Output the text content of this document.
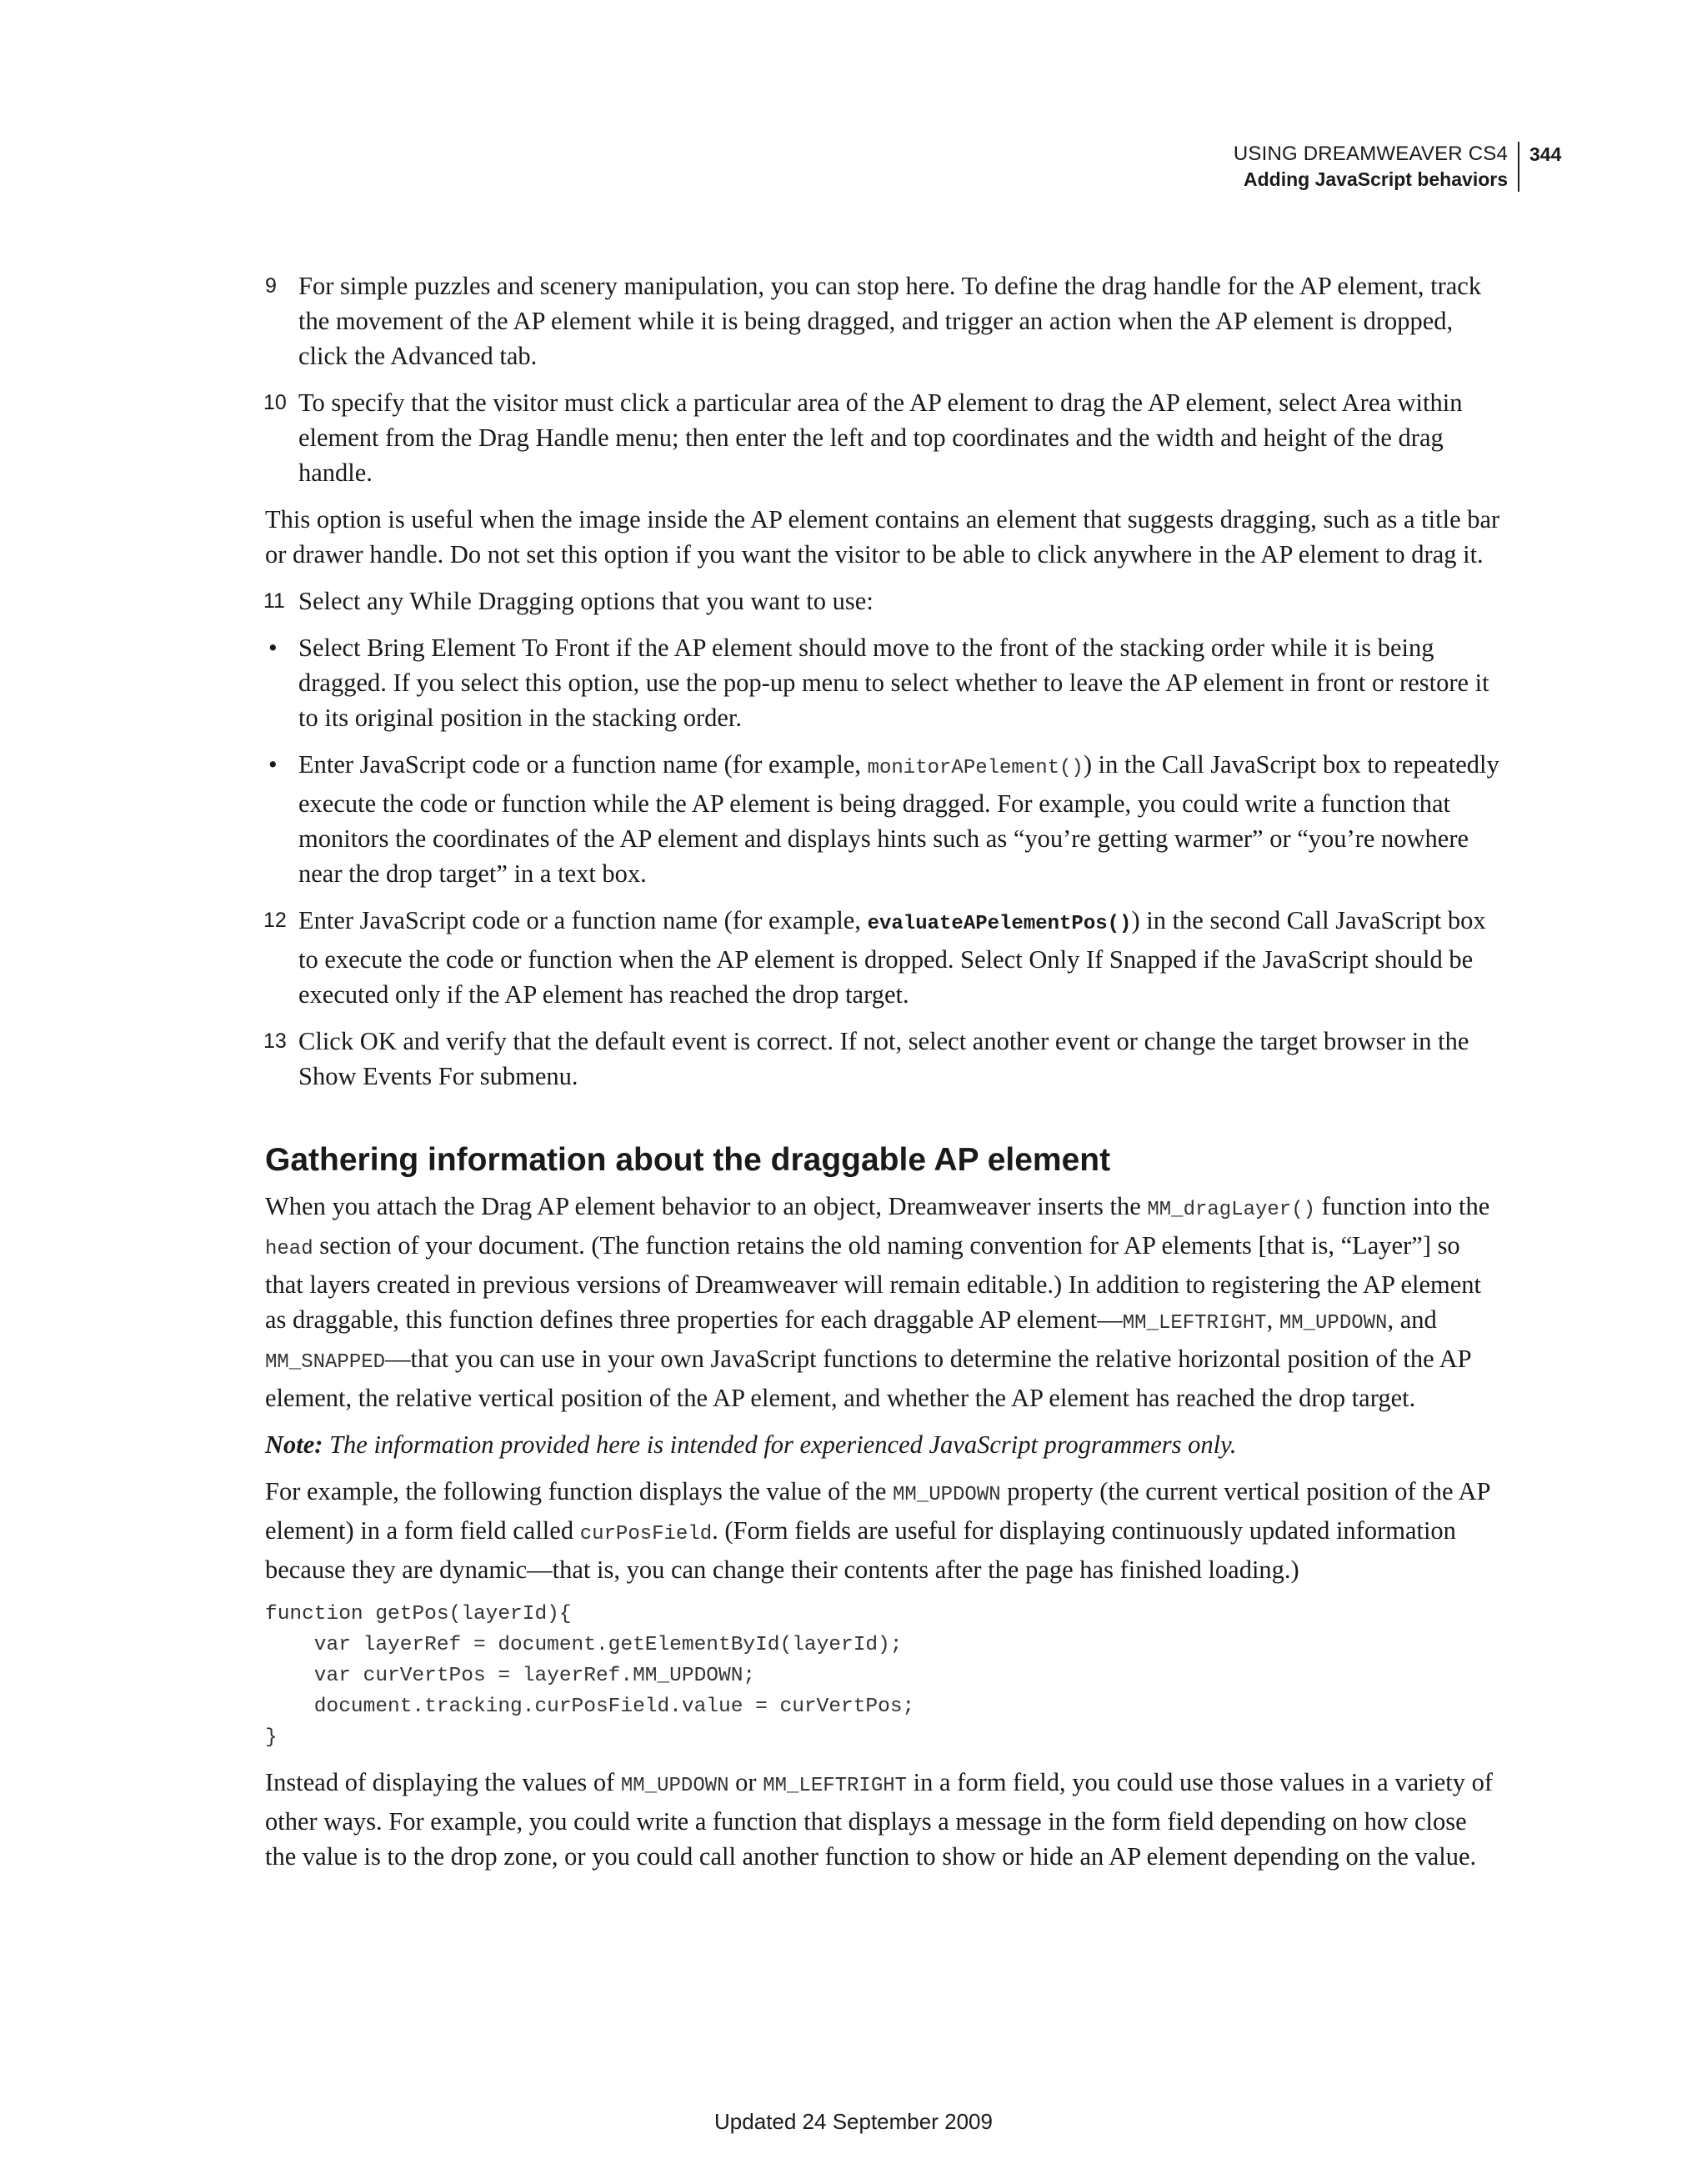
USING DREAMWEAVER CS4
Adding JavaScript behaviors
344
9 For simple puzzles and scenery manipulation, you can stop here. To define the drag handle for the AP element, track the movement of the AP element while it is being dragged, and trigger an action when the AP element is dropped, click the Advanced tab.
10 To specify that the visitor must click a particular area of the AP element to drag the AP element, select Area within element from the Drag Handle menu; then enter the left and top coordinates and the width and height of the drag handle.

This option is useful when the image inside the AP element contains an element that suggests dragging, such as a title bar or drawer handle. Do not set this option if you want the visitor to be able to click anywhere in the AP element to drag it.

11 Select any While Dragging options that you want to use:
• Select Bring Element To Front if the AP element should move to the front of the stacking order while it is being dragged. If you select this option, use the pop-up menu to select whether to leave the AP element in front or restore it to its original position in the stacking order.
• Enter JavaScript code or a function name (for example, monitorAPelement()) in the Call JavaScript box to repeatedly execute the code or function while the AP element is being dragged. For example, you could write a function that monitors the coordinates of the AP element and displays hints such as “you’re getting warmer” or “you’re nowhere near the drop target” in a text box.
12 Enter JavaScript code or a function name (for example, evaluateAPelementPos()) in the second Call JavaScript box to execute the code or function when the AP element is dropped. Select Only If Snapped if the JavaScript should be executed only if the AP element has reached the drop target.
13 Click OK and verify that the default event is correct. If not, select another event or change the target browser in the Show Events For submenu.
Gathering information about the draggable AP element

When you attach the Drag AP element behavior to an object, Dreamweaver inserts the MM_dragLayer() function into the head section of your document. (The function retains the old naming convention for AP elements [that is, “Layer”] so that layers created in previous versions of Dreamweaver will remain editable.) In addition to registering the AP element as draggable, this function defines three properties for each draggable AP element—MM_LEFTRIGHT, MM_UPDOWN, and MM_SNAPPED—that you can use in your own JavaScript functions to determine the relative horizontal position of the AP element, the relative vertical position of the AP element, and whether the AP element has reached the drop target.

Note: The information provided here is intended for experienced JavaScript programmers only.

For example, the following function displays the value of the MM_UPDOWN property (the current vertical position of the AP element) in a form field called curPosField. (Form fields are useful for displaying continuously updated information because they are dynamic—that is, you can change their contents after the page has finished loading.)

function getPos(layerId){
var layerRef = document.getElementById(layerId);
var curVertPos = layerRef.MM_UPDOWN;
document.tracking.curPosField.value = curVertPos;
}

Instead of displaying the values of MM_UPDOWN or MM_LEFTRIGHT in a form field, you could use those values in a variety of other ways. For example, you could write a function that displays a message in the form field depending on how close the value is to the drop zone, or you could call another function to show or hide an AP element depending on the value.

Updated 24 September 2009
